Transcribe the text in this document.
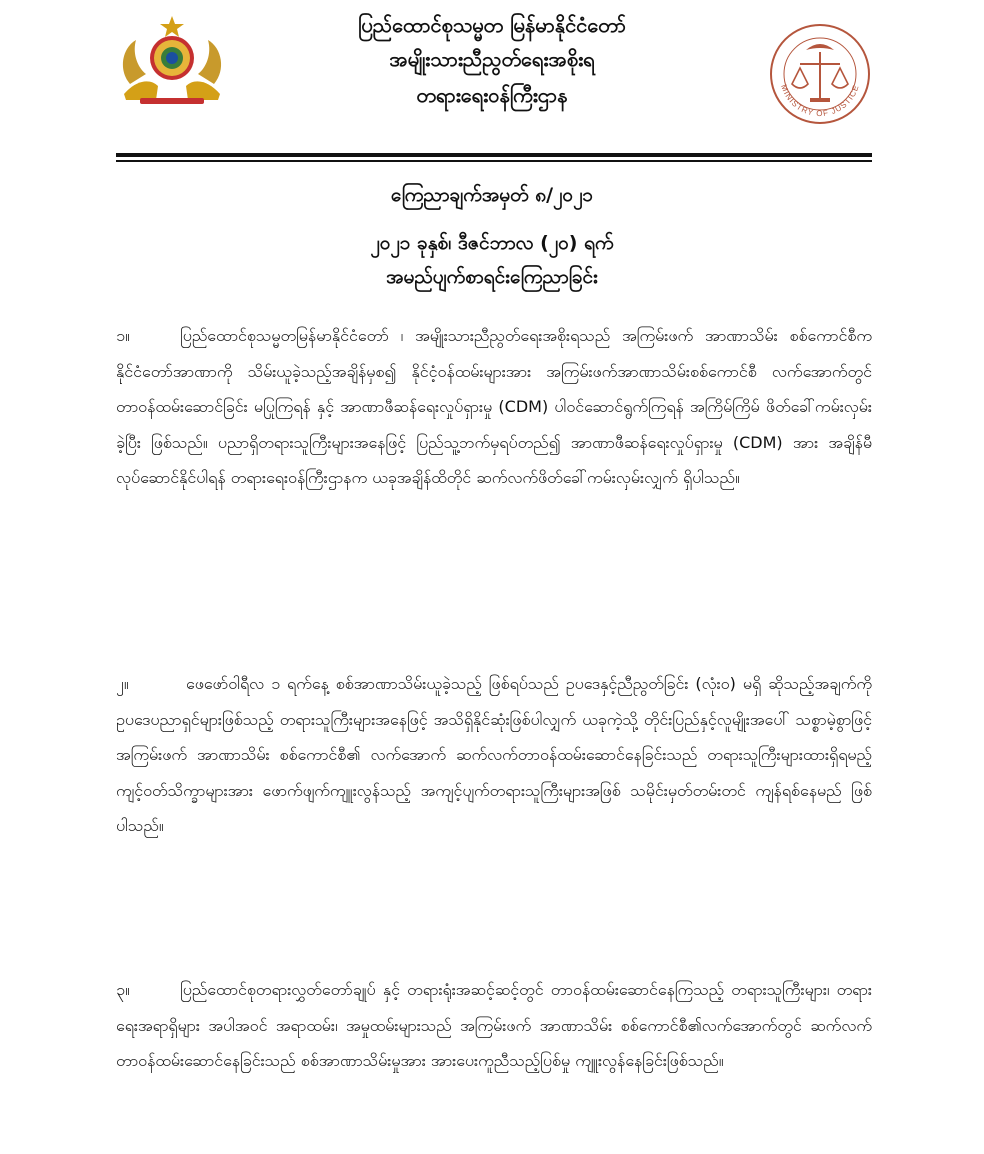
ပြည်ထောင်စုသမ္မတ မြန်မာနိုင်ငံတော်
အမျိုးသားညီညွတ်ရေးအစိုးရ
တရားရေးဝန်ကြီးဌာန	MINISTRY OF JUSTICE
ကြေညာချက်အမှတ် ၈/၂၀၂၁
၂၀၂၁ ခုနှစ်၊ ဒီဇင်ဘာလ (၂၀) ရက်
အမည်ပျက်စာရင်းကြေညာခြင်း
၁။	ပြည်ထောင်စုသမ္မတမြန်မာနိုင်ငံတော် ၊ အမျိုးသားညီညွတ်ရေးအစိုးရသည် အကြမ်းဖက် အာဏာသိမ်း စစ်ကောင်စီက နိုင်ငံတော်အာဏာကို သိမ်းယူခဲ့သည့်အချိန်မှစ၍ နိုင်ငံ့ဝန်ထမ်းများအား အကြမ်းဖက်အာဏာသိမ်းစစ်ကောင်စီ လက်အောက်တွင် တာဝန်ထမ်းဆောင်ခြင်း မပြုကြရန် နှင့် အာဏာဖီဆန်ရေးလှုပ်ရှားမှု (CDM) ပါဝင်ဆောင်ရွက်ကြရန် အကြိမ်ကြိမ် ဖိတ်ခေါ်ကမ်းလှမ်းခဲ့ပြီး ဖြစ်သည်။ ပညာရှိတရားသူကြီးများအနေဖြင့် ပြည်သူ့ဘက်မှရပ်တည်၍ အာဏာဖီဆန်ရေးလှုပ်ရှားမှု (CDM) အား အချိန်မီ လုပ်ဆောင်နိုင်ပါရန် တရားရေးဝန်ကြီးဌာနက ယခုအချိန်ထိတိုင် ဆက်လက်ဖိတ်ခေါ်ကမ်းလှမ်းလျှက် ရှိပါသည်။
၂။	ဖေဖော်ဝါရီလ ၁ ရက်နေ့ စစ်အာဏာသိမ်းယူခဲ့သည့် ဖြစ်ရပ်သည် ဥပဒေနှင့်ညီညွတ်ခြင်း (လုံး၀) မရှိ ဆိုသည့်အချက်ကို ဥပဒေပညာရှင်များဖြစ်သည့် တရားသူကြီးများအနေဖြင့် အသိရှိနိုင်ဆုံးဖြစ်ပါလျှက် ယခုကဲ့သို့ တိုင်းပြည်နှင့်လူမျိုးအပေါ် သစ္စာမဲ့စွာဖြင့် အကြမ်းဖက် အာဏာသိမ်း စစ်ကောင်စီ၏ လက်အောက် ဆက်လက်တာဝန်ထမ်းဆောင်နေခြင်းသည် တရားသူကြီးများထားရှိရမည့် ကျင့်ဝတ်သိက္ခာများအား ဖောက်ဖျက်ကျူးလွန်သည့် အကျင့်ပျက်တရားသူကြီးများအဖြစ် သမိုင်းမှတ်တမ်းတင် ကျန်ရစ်နေမည် ဖြစ်ပါသည်။
၃။	ပြည်ထောင်စုတရားလွှတ်တော်ချုပ် နှင့် တရားရုံးအဆင့်ဆင့်တွင် တာဝန်ထမ်းဆောင်နေကြသည့် တရားသူကြီးများ၊ တရားရေးအရာရှိများ အပါအဝင် အရာထမ်း၊ အမှုထမ်းများသည် အကြမ်းဖက် အာဏာသိမ်း စစ်ကောင်စီ၏လက်အောက်တွင် ဆက်လက်တာဝန်ထမ်းဆောင်နေခြင်းသည် စစ်အာဏာသိမ်းမှုအား အားပေးကူညီသည့်ပြစ်မှု ကျူးလွန်နေခြင်းဖြစ်သည်။
